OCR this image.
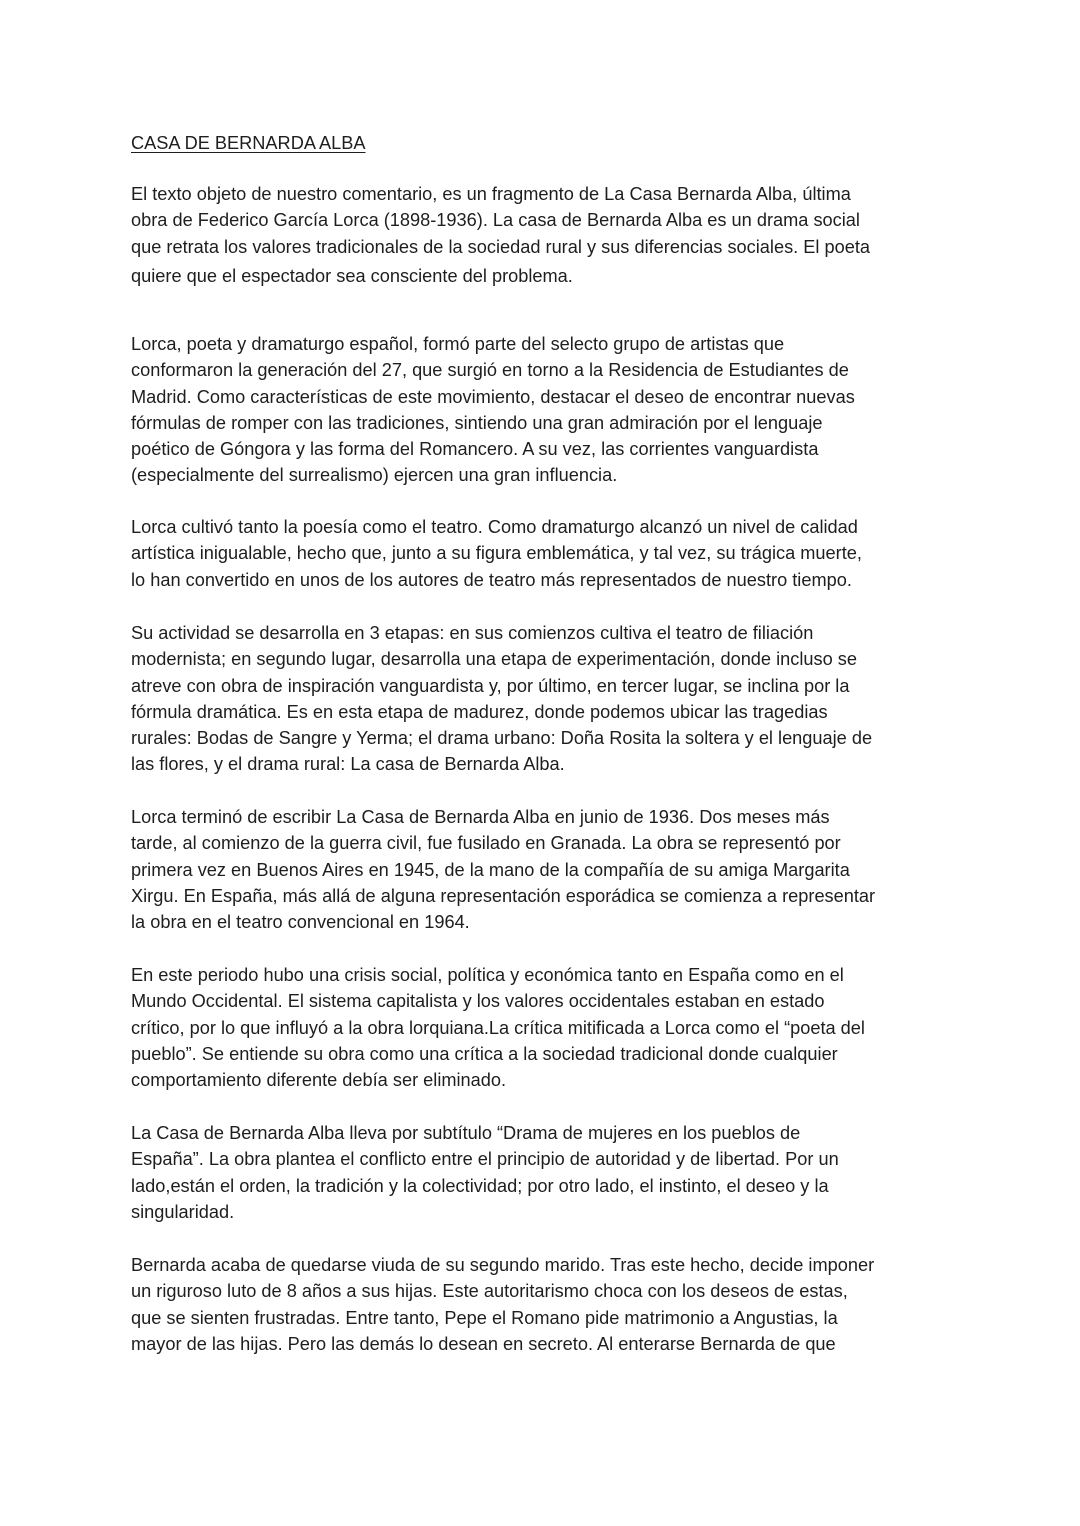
CASA DE BERNARDA ALBA

El texto objeto de nuestro comentario, es un fragmento de La Casa Bernarda Alba, última
obra de Federico García Lorca (1898-1936). La casa de Bernarda Alba es un drama social
que retrata los valores tradicionales de la sociedad rural y sus diferencias sociales. El poeta
quiere que el espectador sea consciente del problema.

Lorca, poeta y dramaturgo español, formó parte del selecto grupo de artistas que
conformaron la generación del 27, que surgió en torno a la Residencia de Estudiantes de
Madrid. Como características de este movimiento, destacar el deseo de encontrar nuevas
fórmulas de romper con las tradiciones, sintiendo una gran admiración por el lenguaje
poético de Góngora y las forma del Romancero. A su vez, las corrientes vanguardista
(especialmente del surrealismo) ejercen una gran influencia.

Lorca cultivó tanto la poesía como el teatro. Como dramaturgo alcanzó un nivel de calidad
artística inigualable, hecho que, junto a su figura emblemática, y tal vez, su trágica muerte,
lo han convertido en unos de los autores de teatro más representados de nuestro tiempo.

Su actividad se desarrolla en 3 etapas: en sus comienzos cultiva el teatro de filiación
modernista; en segundo lugar, desarrolla una etapa de experimentación, donde incluso se
atreve con obra de inspiración vanguardista y, por último, en tercer lugar, se inclina por la
fórmula dramática. Es en esta etapa de madurez, donde podemos ubicar las tragedias
rurales: Bodas de Sangre y Yerma; el drama urbano: Doña Rosita la soltera y el lenguaje de
las flores, y el drama rural: La casa de Bernarda Alba.

Lorca terminó de escribir La Casa de Bernarda Alba en junio de 1936. Dos meses más
tarde, al comienzo de la guerra civil, fue fusilado en Granada. La obra se representó por
primera vez en Buenos Aires en 1945, de la mano de la compañía de su amiga Margarita
Xirgu. En España, más allá de alguna representación esporádica se comienza a representar
la obra en el teatro convencional en 1964.

En este periodo hubo una crisis social, política y económica tanto en España como en el
Mundo Occidental. El sistema capitalista y los valores occidentales estaban en estado
crítico, por lo que influyó a la obra lorquiana.La crítica mitificada a Lorca como el “poeta del
pueblo”. Se entiende su obra como una crítica a la sociedad tradicional donde cualquier
comportamiento diferente debía ser eliminado.

La Casa de Bernarda Alba lleva por subtítulo “Drama de mujeres en los pueblos de
España”. La obra plantea el conflicto entre el principio de autoridad y de libertad. Por un
lado,están el orden, la tradición y la colectividad; por otro lado, el instinto, el deseo y la
singularidad.

Bernarda acaba de quedarse viuda de su segundo marido. Tras este hecho, decide imponer
un riguroso luto de 8 años a sus hijas. Este autoritarismo choca con los deseos de estas,
que se sienten frustradas. Entre tanto, Pepe el Romano pide matrimonio a Angustias, la
mayor de las hijas. Pero las demás lo desean en secreto. Al enterarse Bernarda de que
